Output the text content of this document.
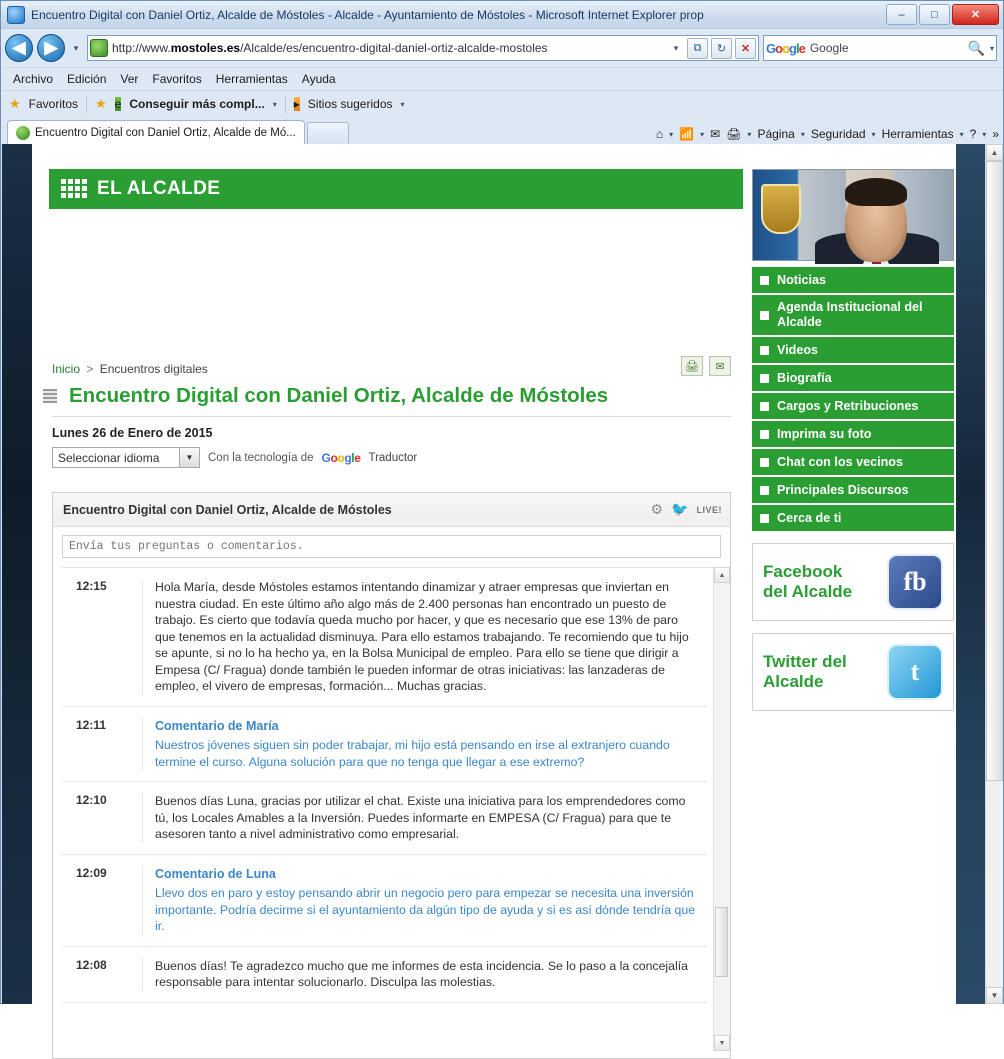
Encuentro Digital con Daniel Ortiz, Alcalde de Móstoles - Alcalde - Ayuntamiento de Móstoles - Microsoft Internet Explorer prop	–	□	✕
◀	▶	▾	http://www.mostoles.es/Alcalde/es/encuentro-digital-daniel-ortiz-alcalde-mostoles	▾	⧉	↻	✕	Google Google	🔍 ▾
Archivo Edición Ver Favoritos Herramientas Ayuda
★ Favoritos ★ e Conseguir más compl... ▾ ▸ Sitios sugeridos ▾
Encuentro Digital con Daniel Ortiz, Alcalde de Mó...	⌂ ▾ 📶 ▾ ✉ 🖨 ▾ Página ▾ Seguridad ▾ Herramientas ▾ ? ▾ »
EL ALCALDE
Inicio > Encuentros digitales	🖨	✉
Encuentro Digital con Daniel Ortiz, Alcalde de Móstoles
Lunes 26 de Enero de 2015
Seleccionar idioma	▼	Con la tecnología de Google Traductor
Encuentro Digital con Daniel Ortiz, Alcalde de Móstoles	⚙ 🐦 LIVE!
Envía tus preguntas o comentarios.
12:15	Hola María, desde Móstoles estamos intentando dinamizar y atraer empresas que inviertan en nuestra ciudad. En este último año algo más de 2.400 personas han encontrado un puesto de trabajo. Es cierto que todavía queda mucho por hacer, y que es necesario que ese 13% de paro que tenemos en la actualidad disminuya. Para ello estamos trabajando. Te recomiendo que tu hijo se apunte, si no lo ha hecho ya, en la Bolsa Municipal de empleo. Para ello se tiene que dirigir a Empesa (C/ Fragua) donde también le pueden informar de otras iniciativas: las lanzaderas de empleo, el vivero de empresas, formación... Muchas gracias.
12:11	Comentario de María
Nuestros jóvenes siguen sin poder trabajar, mi hijo está pensando en irse al extranjero cuando termine el curso. Alguna solución para que no tenga que llegar a ese extremo?
12:10	Buenos días Luna, gracias por utilizar el chat. Existe una iniciativa para los emprendedores como tú, los Locales Amables a la Inversión. Puedes informarte en EMPESA (C/ Fragua) para que te asesoren tanto a nivel administrativo como empresarial.
12:09	Comentario de Luna
Llevo dos en paro y estoy pensando abrir un negocio pero para empezar se necesita una inversión importante. Podría decirme si el ayuntamiento da algún tipo de ayuda y si es así dónde tendría que ir.
12:08	Buenos días! Te agradezco mucho que me informes de esta incidencia. Se lo paso a la concejalía responsable para intentar solucionarlo. Disculpa las molestias.
▲
▼
Noticias
Agenda Institucional del Alcalde
Videos
Biografía
Cargos y Retribuciones
Imprima su foto
Chat con los vecinos
Principales Discursos
Cerca de ti
Facebook
del Alcalde	fb
Twitter del
Alcalde	t
▲
▼
